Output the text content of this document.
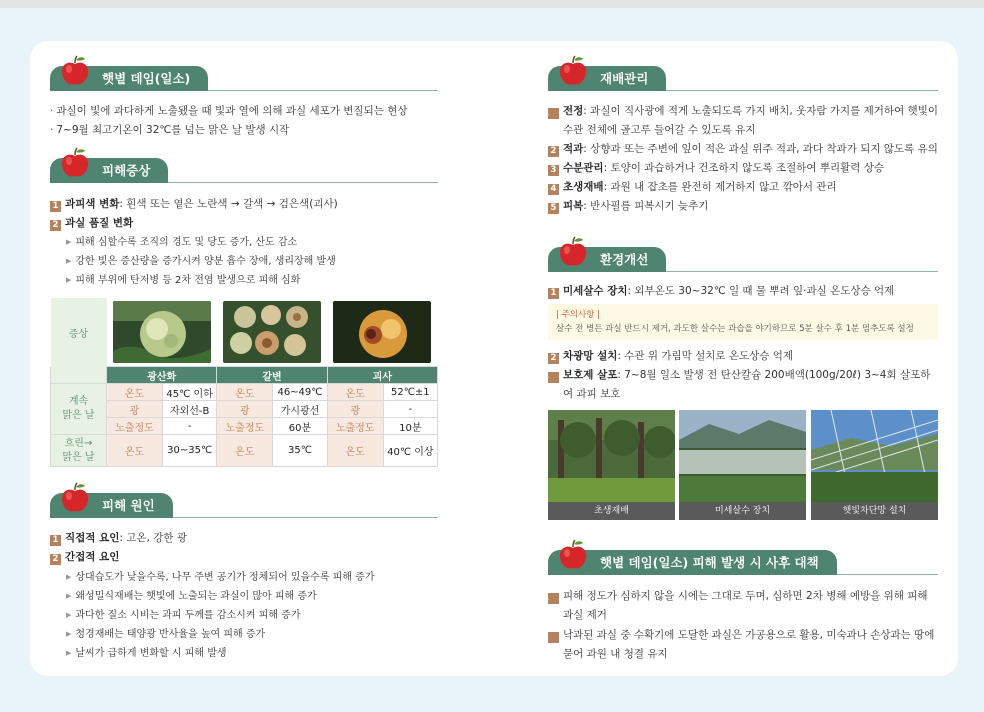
햇볕 데임(일소)
· 과실이 빛에 과다하게 노출됐을 때 빛과 열에 의해 과실 세포가 변질되는 현상
· 7~9월 최고기온이 32℃를 넘는 맑은 날 발생 시작
피해증상
1 과피색 변화: 흰색 또는 옅은 노란색 → 갈색 → 검은색(괴사)
2 과실 품질 변화
▶ 피해 심할수록 조직의 경도 및 당도 증가, 산도 감소
▶ 강한 빛은 증산량을 증가시켜 양분 흡수 장애, 생리장해 발생
▶ 피해 부위에 탄저병 등 2차 전염 발생으로 피해 심화
증상	

	광산화		갈변		괴사	
계속
맑은 날	온도	45℃ 이하	온도	46~49℃	온도	52℃±1
	광	자외선-B	광	가시광선	광	-
	노출정도	-	노출정도	60분	노출정도	10분
흐린→
맑은 날	온도	30~35℃	온도	35℃	온도	40℃ 이상
피해 원인
1 직접적 요인: 고온, 강한 광
2 간접적 요인
▶ 상대습도가 낮을수록, 나무 주변 공기가 정체되어 있을수록 피해 증가
▶ 왜성밀식재배는 햇빛에 노출되는 과실이 많아 피해 증가
▶ 과다한 질소 시비는 과피 두께를 감소시켜 피해 증가
▶ 청경재배는 태양광 반사율을 높여 피해 증가
▶ 날씨가 급하게 변화할 시 피해 발생
재배관리
1 전정: 과실이 직사광에 적게 노출되도록 가지 배치, 웃자람 가지를 제거하여 햇빛이 수관 전체에 골고루 들어갈 수 있도록 유지
2 적과: 상향과 또는 주변에 잎이 적은 과실 위주 적과, 과다 착과가 되지 않도록 유의
3 수분관리: 토양이 과습하거나 건조하지 않도록 조절하여 뿌리활력 상승
4 초생재배: 과원 내 잡초를 완전히 제거하지 않고 깎아서 관리
5 피복: 반사필름 피복시기 늦추기
환경개선
1 미세살수 장치: 외부온도 30~32℃ 일 때 물 뿌려 잎·과실 온도상승 억제
| 주의사항 |
살수 전 병든 과실 반드시 제거, 과도한 살수는 과습을 야기하므로 5분 살수 후 1분 멈추도록 설정
2 차광망 설치: 수관 위 가림막 설치로 온도상승 억제
3 보호제 살포: 7~8월 일소 발생 전 탄산칼슘 200배액(100g/20ℓ) 3~4회 살포하여 과피 보호
초생재배	미세살수 장치	햇빛차단망 설치
햇볕 데임(일소) 피해 발생 시 사후 대책
1 피해 정도가 심하지 않을 시에는 그대로 두며, 심하면 2차 병해 예방을 위해 피해 과실 제거
2 낙과된 과실 중 수확기에 도달한 과실은 가공용으로 활용, 미숙과나 손상과는 땅에 묻어 과원 내 청결 유지
